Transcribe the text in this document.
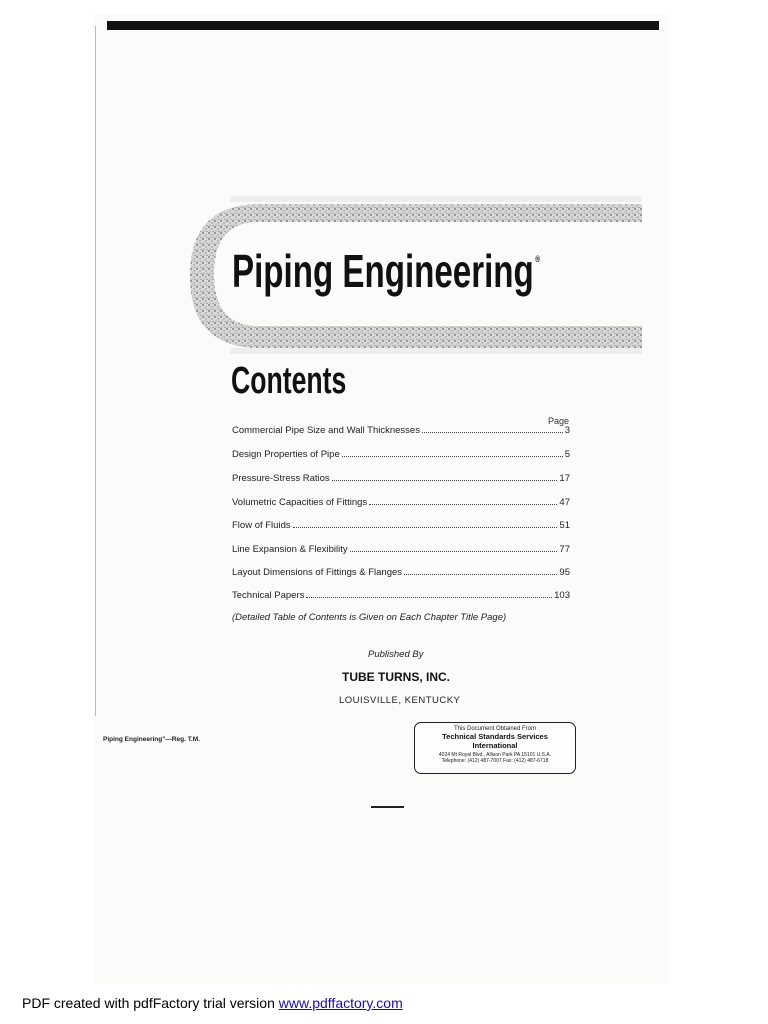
Piping Engineering®
Contents
Page
Commercial Pipe Size and Wall Thicknesses	3
Design Properties of Pipe	5
Pressure-Stress Ratios	17
Volumetric Capacities of Fittings	47
Flow of Fluids	51
Line Expansion & Flexibility	77
Layout Dimensions of Fittings & Flanges	95
Technical Papers	103
(Detailed Table of Contents is Given on Each Chapter Title Page)
Published By
TUBE TURNS, INC.
LOUISVILLE, KENTUCKY
Piping Engineering"—Reg. T.M.
This Document Obtained From
Technical Standards Services
International
4024 Mt Royal Blvd., Allison Park PA 15101 U.S.A.
Telephone: (412) 487-7007 Fax: (412) 487-6718
PDF created with pdfFactory trial version www.pdffactory.com
